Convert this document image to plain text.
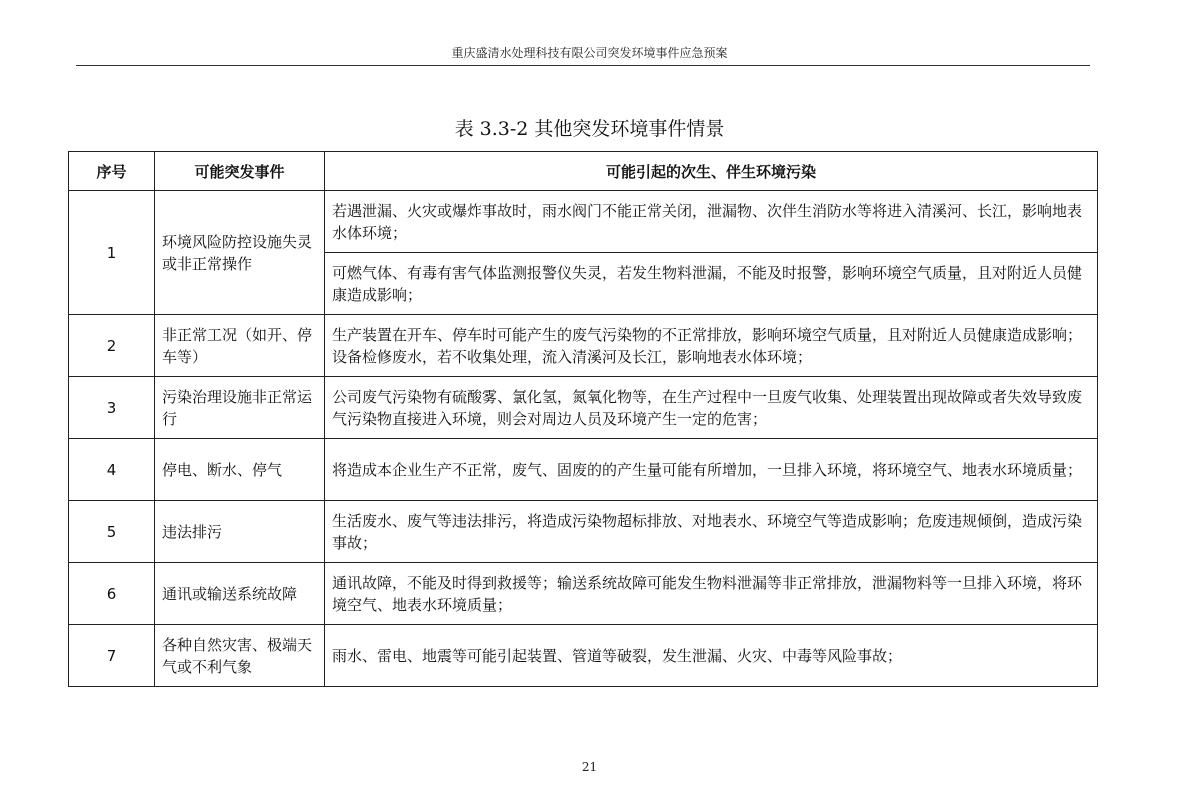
重庆盛清水处理科技有限公司突发环境事件应急预案
表 3.3-2 其他突发环境事件情景
序号	可能突发事件	可能引起的次生、伴生环境污染
1	环境风险防控设施失灵或非正常操作	若遇泄漏、火灾或爆炸事故时，雨水阀门不能正常关闭，泄漏物、次伴生消防水等将进入清溪河、长江，影响地表水体环境；
		可燃气体、有毒有害气体监测报警仪失灵，若发生物料泄漏，不能及时报警，影响环境空气质量，且对附近人员健康造成影响；
2	非正常工况（如开、停车等）	生产装置在开车、停车时可能产生的废气污染物的不正常排放，影响环境空气质量，且对附近人员健康造成影响；设备检修废水，若不收集处理，流入清溪河及长江，影响地表水体环境；
3	污染治理设施非正常运行	公司废气污染物有硫酸雾、氯化氢，氮氧化物等，在生产过程中一旦废气收集、处理装置出现故障或者失效导致废气污染物直接进入环境，则会对周边人员及环境产生一定的危害；
4	停电、断水、停气	将造成本企业生产不正常，废气、固废的的产生量可能有所增加，一旦排入环境，将环境空气、地表水环境质量；
5	违法排污	生活废水、废气等违法排污，将造成污染物超标排放、对地表水、环境空气等造成影响；危废违规倾倒，造成污染事故；
6	通讯或输送系统故障	通讯故障，不能及时得到救援等；输送系统故障可能发生物料泄漏等非正常排放，泄漏物料等一旦排入环境，将环境空气、地表水环境质量；
7	各种自然灾害、极端天气或不利气象	雨水、雷电、地震等可能引起装置、管道等破裂，发生泄漏、火灾、中毒等风险事故；
21
